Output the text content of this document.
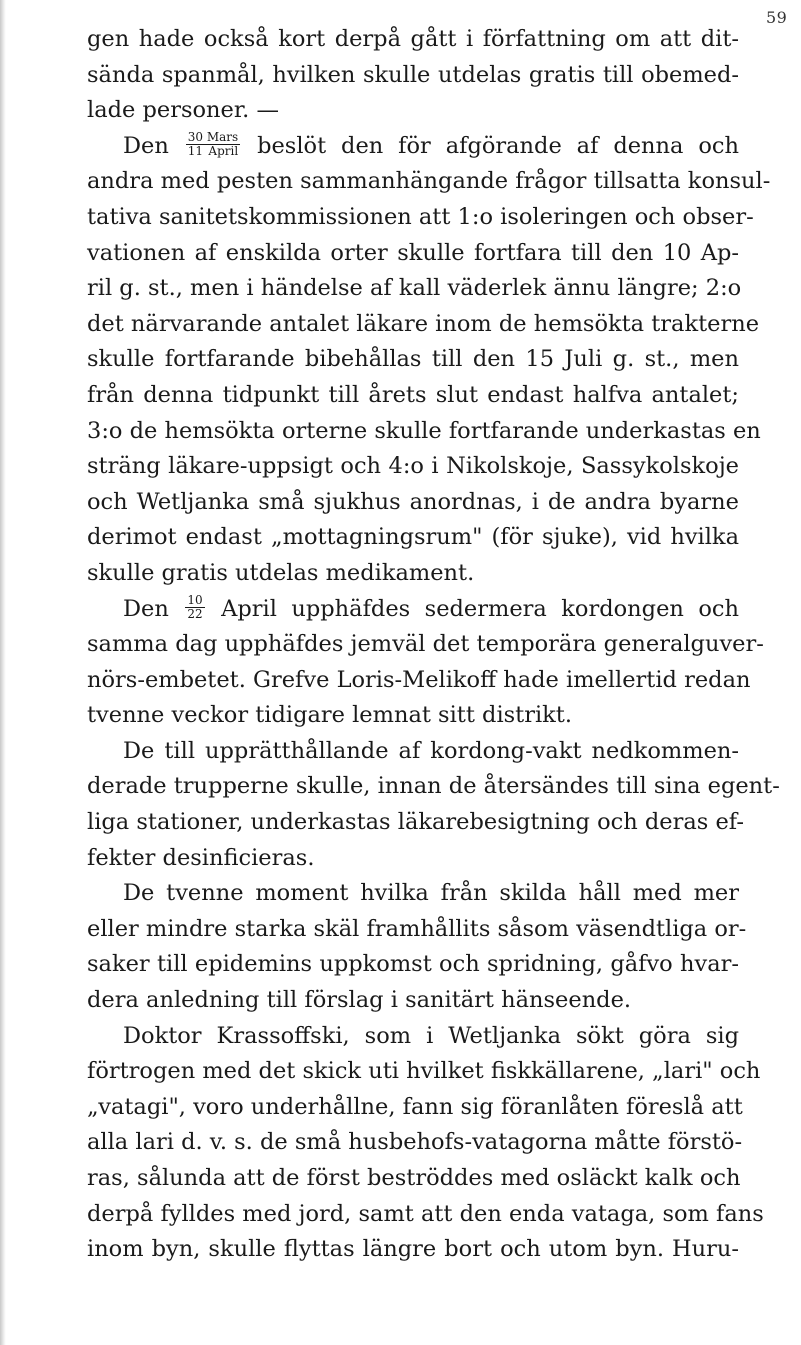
59
gen hade också kort derpå gått i författning om att dit-
sända spanmål, hvilken skulle utdelas gratis till obemed-
lade personer. —
Den $\frac{\text{30 Mars}}{\text{11 April}}$ beslöt den för afgörande af denna och
andra med pesten sammanhängande frågor tillsatta konsul-
tativa sanitetskommissionen att 1:o isoleringen och obser-
vationen af enskilda orter skulle fortfara till den 10 Ap-
ril g. st., men i händelse af kall väderlek ännu längre; 2:o
det närvarande antalet läkare inom de hemsökta trakterne
skulle fortfarande bibehållas till den 15 Juli g. st., men
från denna tidpunkt till årets slut endast halfva antalet;
3:o de hemsökta orterne skulle fortfarande underkastas en
sträng läkare-uppsigt och 4:o i Nikolskoje, Sassykolskoje
och Wetljanka små sjukhus anordnas, i de andra byarne
derimot endast „mottagningsrum" (för sjuke), vid hvilka
skulle gratis utdelas medikament.
Den $\frac{10}{22}$ April upphäfdes sedermera kordongen och
samma dag upphäfdes jemväl det temporära generalguver-
nörs-embetet. Grefve Loris-Melikoff hade imellertid redan
tvenne veckor tidigare lemnat sitt distrikt.
De till upprätthållande af kordong-vakt nedkommen-
derade trupperne skulle, innan de återsändes till sina egent-
liga stationer, underkastas läkarebesigtning och deras ef-
fekter desinficieras.
De tvenne moment hvilka från skilda håll med mer
eller mindre starka skäl framhållits såsom väsendtliga or-
saker till epidemins uppkomst och spridning, gåfvo hvar-
dera anledning till förslag i sanitärt hänseende.
Doktor Krassoffski, som i Wetljanka sökt göra sig
förtrogen med det skick uti hvilket fiskkällarene, „lari" och
„vatagi", voro underhållne, fann sig föranlåten föreslå att
alla lari d. v. s. de små husbehofs-vatagorna måtte förstö-
ras, sålunda att de först beströddes med osläckt kalk och
derpå fylldes med jord, samt att den enda vataga, som fans
inom byn, skulle flyttas längre bort och utom byn. Huru-
